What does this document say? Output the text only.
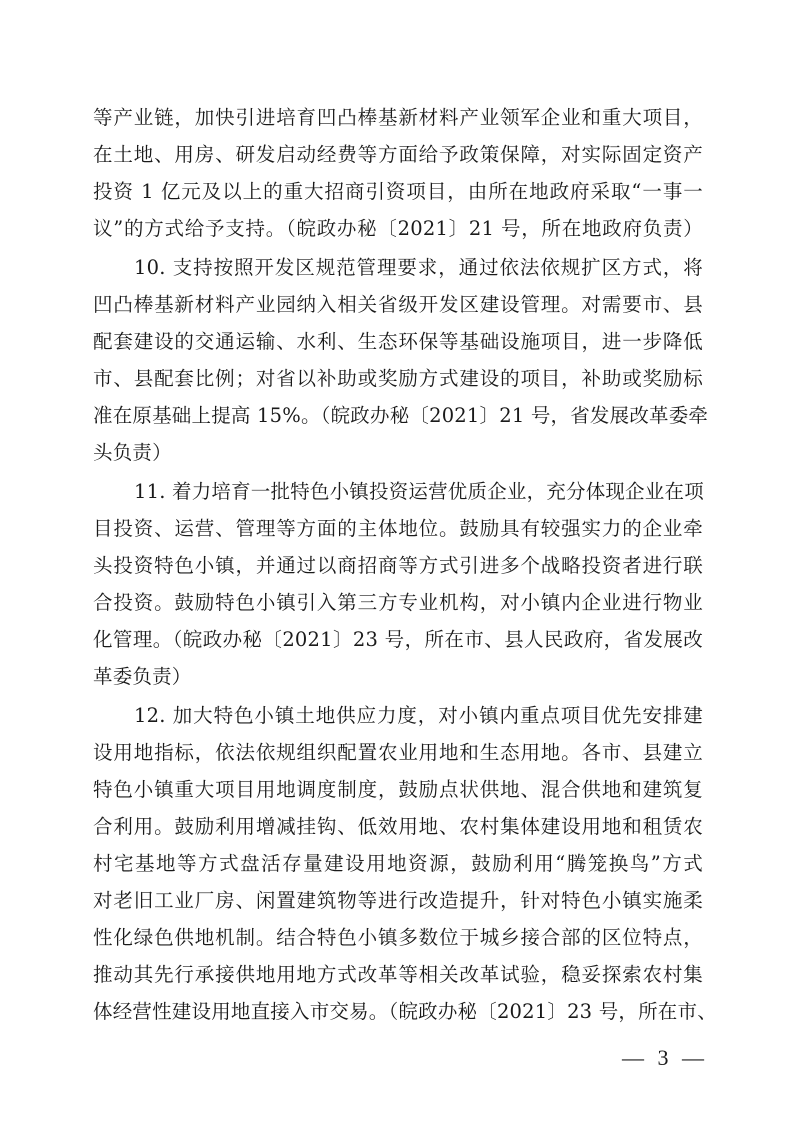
等产业链，加快引进培育凹凸棒基新材料产业领军企业和重大项目，
在土地、用房、研发启动经费等方面给予政策保障，对实际固定资产
投资 1 亿元及以上的重大招商引资项目，由所在地政府采取“一事一
议”的方式给予支持。（皖政办秘〔2021〕21 号，所在地政府负责）
10. 支持按照开发区规范管理要求，通过依法依规扩区方式，将
凹凸棒基新材料产业园纳入相关省级开发区建设管理。对需要市、县
配套建设的交通运输、水利、生态环保等基础设施项目，进一步降低
市、县配套比例；对省以补助或奖励方式建设的项目，补助或奖励标
准在原基础上提高 15%。（皖政办秘〔2021〕21 号，省发展改革委牵
头负责）
11. 着力培育一批特色小镇投资运营优质企业，充分体现企业在项
目投资、运营、管理等方面的主体地位。鼓励具有较强实力的企业牵
头投资特色小镇，并通过以商招商等方式引进多个战略投资者进行联
合投资。鼓励特色小镇引入第三方专业机构，对小镇内企业进行物业
化管理。（皖政办秘〔2021〕23 号，所在市、县人民政府，省发展改
革委负责）
12. 加大特色小镇土地供应力度，对小镇内重点项目优先安排建
设用地指标，依法依规组织配置农业用地和生态用地。各市、县建立
特色小镇重大项目用地调度制度，鼓励点状供地、混合供地和建筑复
合利用。鼓励利用增减挂钩、低效用地、农村集体建设用地和租赁农
村宅基地等方式盘活存量建设用地资源，鼓励利用“腾笼换鸟”方式
对老旧工业厂房、闲置建筑物等进行改造提升，针对特色小镇实施柔
性化绿色供地机制。结合特色小镇多数位于城乡接合部的区位特点，
推动其先行承接供地用地方式改革等相关改革试验，稳妥探索农村集
体经营性建设用地直接入市交易。（皖政办秘〔2021〕23 号，所在市、
— 3 —
